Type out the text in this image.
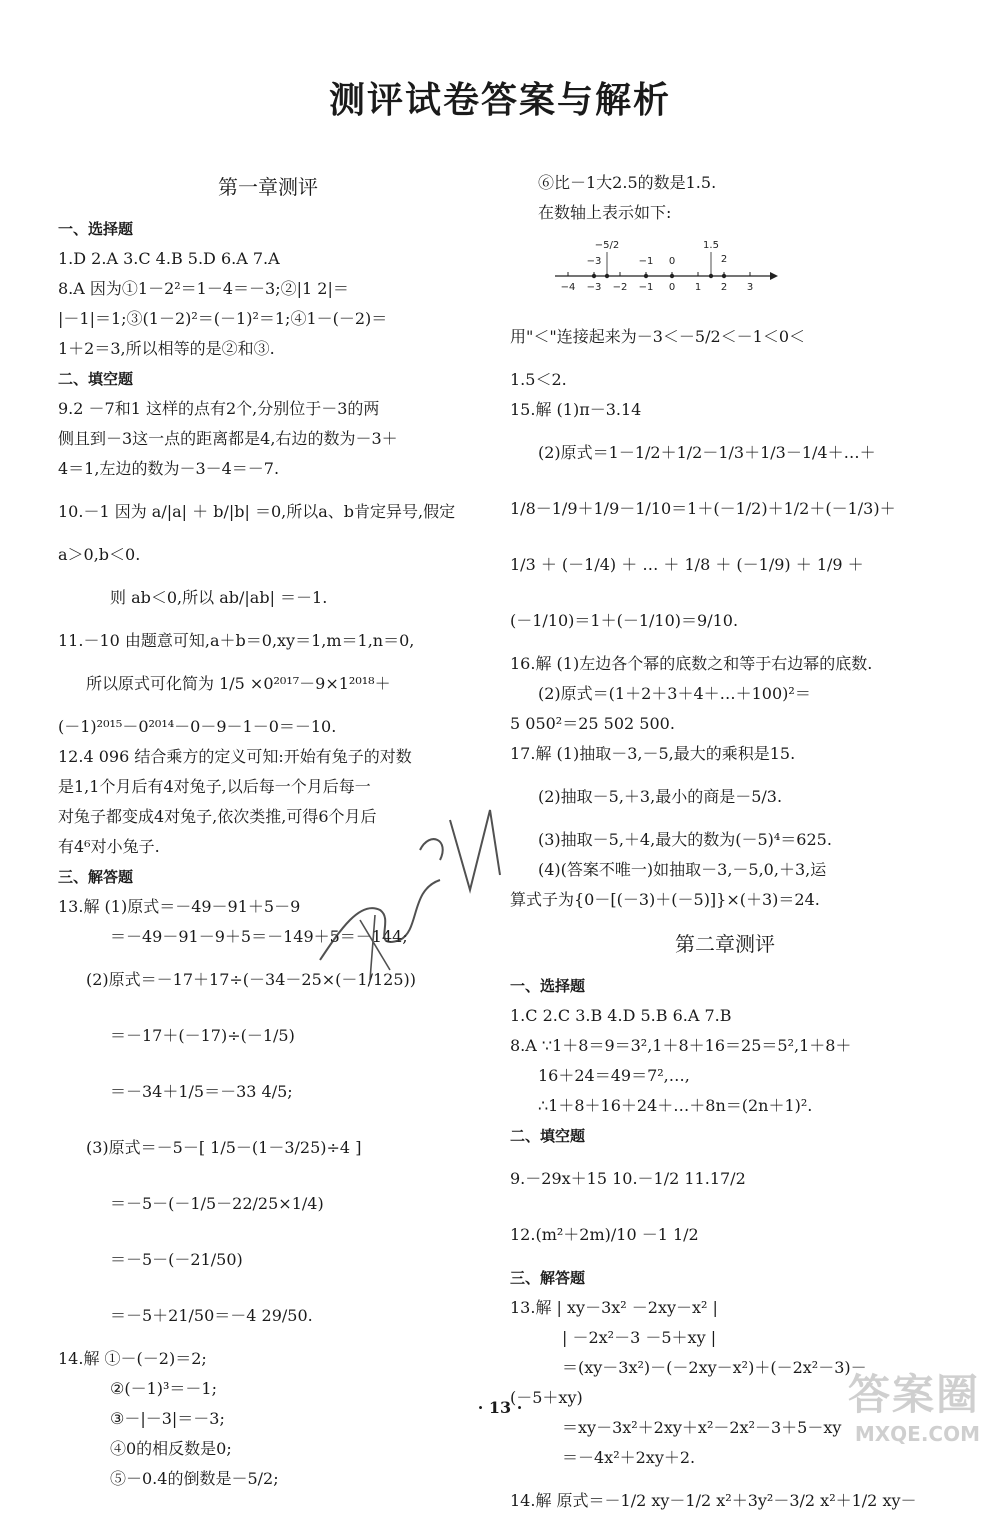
测评试卷答案与解析
第一章测评
一、选择题
1.D 2.A 3.C 4.B 5.D 6.A 7.A
8.A 因为①1－2²＝1－4＝－3;②|1 2|＝
|－1|＝1;③(1－2)²＝(－1)²＝1;④1－(－2)＝
1＋2＝3,所以相等的是②和③.
二、填空题
9.2 －7和1 这样的点有2个,分别位于－3的两
侧且到－3这一点的距离都是4,右边的数为－3＋
4＝1,左边的数为－3－4＝－7.
10.－1 因为 a/|a| ＋ b/|b| ＝0,所以a、b肯定异号,假定
a＞0,b＜0.
则 ab＜0,所以 ab/|ab| ＝－1.
11.－10 由题意可知,a＋b＝0,xy＝1,m＝1,n＝0,
所以原式可化简为 1/5 ×0²⁰¹⁷－9×1²⁰¹⁸＋
(－1)²⁰¹⁵－0²⁰¹⁴－0－9－1－0＝－10.
12.4 096 结合乘方的定义可知:开始有兔子的对数
是1,1个月后有4对兔子,以后每一个月后每一
对兔子都变成4对兔子,依次类推,可得6个月后
有4⁶对小兔子.
三、解答题
13.解 (1)原式＝－49－91＋5－9
＝－49－91－9＋5＝－149＋5＝－144;
(2)原式＝－17＋17÷(－34－25×(－1/125))
＝－17＋(－17)÷(－1/5)
＝－34＋1/5＝－33 4/5;
(3)原式＝－5－[ 1/5－(1－3/25)÷4 ]
＝－5－(－1/5－22/25×1/4)
＝－5－(－21/50)
＝－5＋21/50＝－4 29/50.
14.解 ①－(－2)＝2;
②(－1)³＝－1;
③－|－3|＝－3;
④0的相反数是0;
⑤－0.4的倒数是－5/2;
⑥比－1大2.5的数是1.5.
在数轴上表示如下:
−4 −3 −2 −1 0 1 2 3
−3
−5/2
−1 0
1.5
2
用"＜"连接起来为－3＜－5/2＜－1＜0＜
1.5＜2.
15.解 (1)π－3.14
(2)原式＝1－1/2＋1/2－1/3＋1/3－1/4＋…＋
1/8－1/9＋1/9－1/10＝1＋(－1/2)＋1/2＋(－1/3)＋
1/3 ＋ (－1/4) ＋ … ＋ 1/8 ＋ (－1/9) ＋ 1/9 ＋
(－1/10)＝1＋(－1/10)＝9/10.
16.解 (1)左边各个幂的底数之和等于右边幂的底数.
(2)原式＝(1＋2＋3＋4＋…＋100)²＝
5 050²＝25 502 500.
17.解 (1)抽取－3,－5,最大的乘积是15.
(2)抽取－5,＋3,最小的商是－5/3.
(3)抽取－5,＋4,最大的数为(－5)⁴＝625.
(4)(答案不唯一)如抽取－3,－5,0,＋3,运
算式子为{0－[(－3)＋(－5)]}×(＋3)＝24.
第二章测评
一、选择题
1.C 2.C 3.B 4.D 5.B 6.A 7.B
8.A ∵1＋8＝9＝3²,1＋8＋16＝25＝5²,1＋8＋
16＋24＝49＝7²,…,
∴1＋8＋16＋24＋…＋8n＝(2n＋1)².
二、填空题
9.－29x＋15 10.－1/2 11.17/2
12.(m²＋2m)/10 －1 1/2
三、解答题
13.解 | xy－3x² －2xy－x² |
| －2x²－3 －5＋xy |
＝(xy－3x²)－(－2xy－x²)＋(－2x²－3)－
(－5＋xy)
＝xy－3x²＋2xy＋x²－2x²－3＋5－xy
＝－4x²＋2xy＋2.
14.解 原式＝－1/2 xy－1/2 x²＋3y²－3/2 x²＋1/2 xy－
· 13 ·	答案圈
MXQE.COM
